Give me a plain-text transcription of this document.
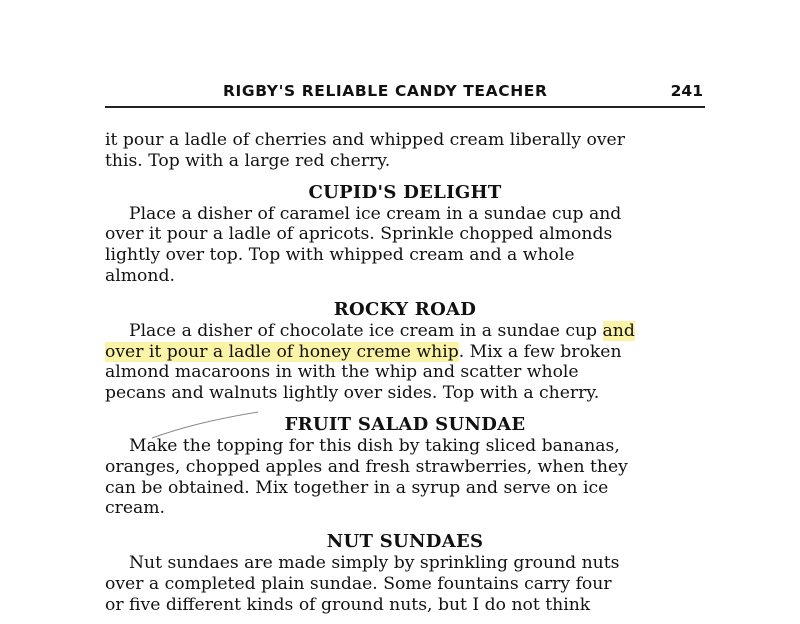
RIGBY'S RELIABLE CANDY TEACHER	241

it pour a ladle of cherries and whipped cream liberally over
this. Top with a large red cherry.

CUPID'S DELIGHT

Place a disher of caramel ice cream in a sundae cup and
over it pour a ladle of apricots. Sprinkle chopped almonds
lightly over top. Top with whipped cream and a whole
almond.

ROCKY ROAD

Place a disher of chocolate ice cream in a sundae cup and
over it pour a ladle of honey creme whip. Mix a few broken
almond macaroons in with the whip and scatter whole
pecans and walnuts lightly over sides. Top with a cherry.

FRUIT SALAD SUNDAE

Make the topping for this dish by taking sliced bananas,
oranges, chopped apples and fresh strawberries, when they
can be obtained. Mix together in a syrup and serve on ice
cream.

NUT SUNDAES

Nut sundaes are made simply by sprinkling ground nuts
over a completed plain sundae. Some fountains carry four
or five different kinds of ground nuts, but I do not think
